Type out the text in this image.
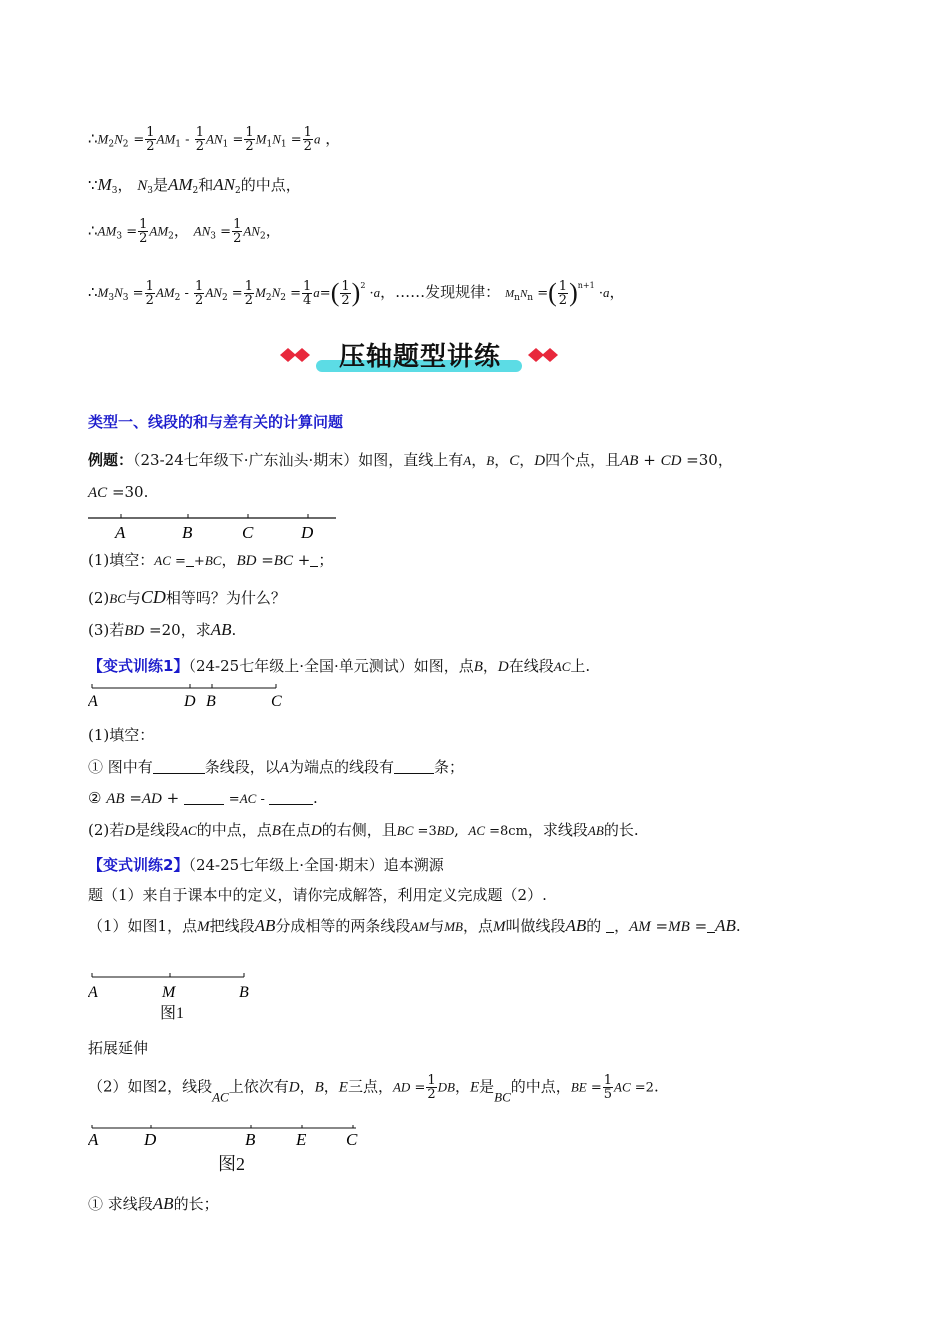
$\therefore M_2N_2 = \frac{1}{2} AM_1 - \frac{1}{2} AN_1 = \frac{1}{2} M_1N_1 = \frac{1}{2}$ a ，
$\because M_3$， $N_3$是$AM_2$和$AN_2$的中点，
$\therefore AM_3 = \frac{1}{2} AM_2$， $AN_3 = \frac{1}{2} AN_2$，
$\therefore M_3N_3 = \frac{1}{2} AM_2 - \frac{1}{2} AN_2 = \frac{1}{2} M_2N_2 = \frac{1}{4} a=( \frac{1}{2} )^2 \cdot a$，……发现规律： $M_nN_n$ =( $\frac{1}{2} )^{n+1} \cdot a$，
压轴题型讲练
类型一、线段的和与差有关的计算问题
例题：（23-24七年级下·广东汕头·期末）如图，直线上有A，B，C，D四个点，且AB + CD =30，
AC =30.
A	B	C	D
(1)填空：AC = +BC，BD =BC + ；
(2)BC与CD相等吗？为什么？
(3)若BD =20，求AB.
【变式训练1】（24-25七年级上·全国·单元测试）如图，点B，D在线段AC上.
A	D B	C
(1)填空：
① 图中有	条线段，以A为端点的线段有	条；
② AB =AD +	=AC -	.
(2)若D是线段AC的中点，点B在点D的右侧，且BC =3BD,  AC =8cm，求线段AB的长.
【变式训练2】（24-25七年级上·全国·期末）追本溯源
题（1）来自于课本中的定义，请你完成解答，利用定义完成题（2）.
（1）如图1，点M把线段AB分成相等的两条线段AM与MB，点M叫做线段AB的 ，AM =MB = AB.
A	M	B
图1
拓展延伸
（2）如图2，线段AC上依次有D，B，E三点，AD = $\frac{1}{2}$ DB，E是BC的中点，BE = $\frac{1}{5}$ AC =2.
A	D	B E C
图2
① 求线段AB的长；
